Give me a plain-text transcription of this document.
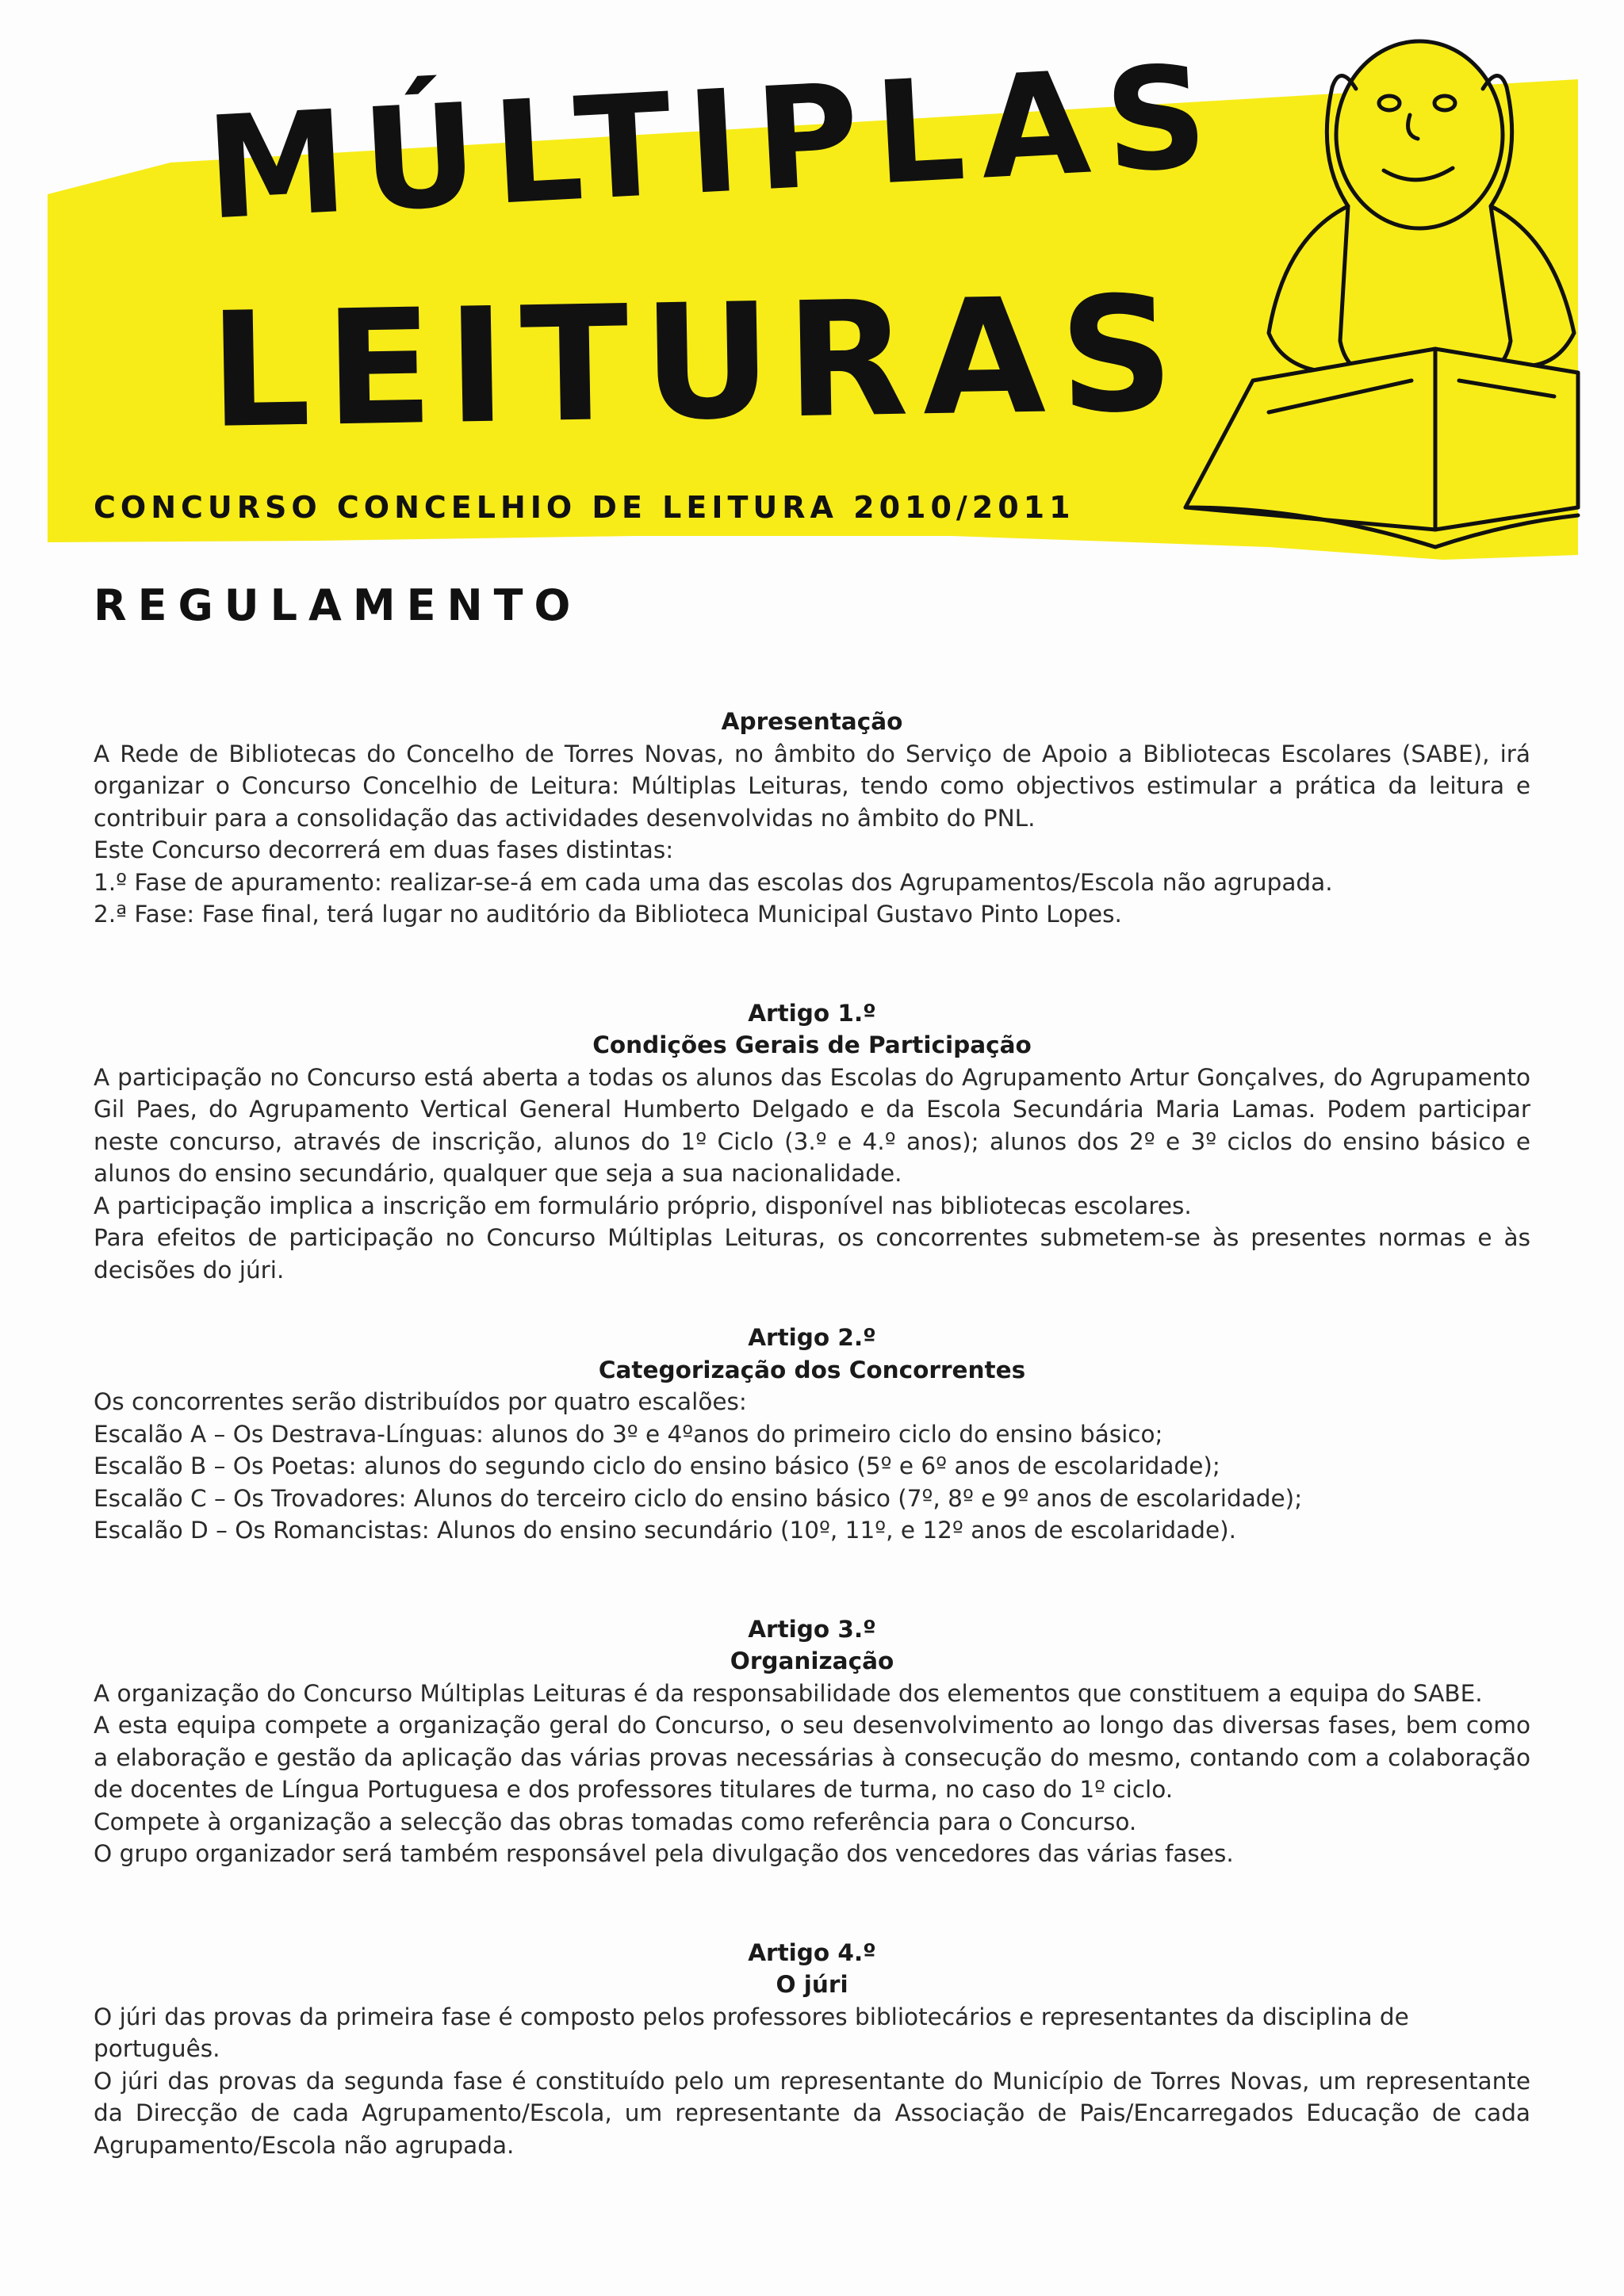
MÚLTIPLAS
LEITURAS
CONCURSO CONCELHIO DE LEITURA 2010/2011
REGULAMENTO
Apresentação

A Rede de Bibliotecas do Concelho de Torres Novas, no âmbito do Serviço de Apoio a Bibliotecas Escolares (SABE), irá organizar o Concurso Concelhio de Leitura: Múltiplas Leituras, tendo como objectivos estimular a prática da leitura e contribuir para a consolidação das actividades desenvolvidas no âmbito do PNL.

Este Concurso decorrerá em duas fases distintas:

1.º Fase de apuramento: realizar-se-á em cada uma das escolas dos Agrupamentos/Escola não agrupada.

2.ª Fase: Fase final, terá lugar no auditório da Biblioteca Municipal Gustavo Pinto Lopes.

Artigo 1.º
Condições Gerais de Participação

A participação no Concurso está aberta a todas os alunos das Escolas do Agrupamento Artur Gonçalves, do Agrupamento Gil Paes, do Agrupamento Vertical General Humberto Delgado e da Escola Secundária Maria Lamas. Podem participar neste concurso, através de inscrição, alunos do 1º Ciclo (3.º e 4.º anos); alunos dos 2º e 3º ciclos do ensino básico e alunos do ensino secundário, qualquer que seja a sua nacionalidade.

A participação implica a inscrição em formulário próprio, disponível nas bibliotecas escolares.

Para efeitos de participação no Concurso Múltiplas Leituras, os concorrentes submetem-se às presentes normas e às decisões do júri.

Artigo 2.º
Categorização dos Concorrentes

Os concorrentes serão distribuídos por quatro escalões:

Escalão A – Os Destrava-Línguas: alunos do 3º e 4ºanos do primeiro ciclo do ensino básico;

Escalão B – Os Poetas: alunos do segundo ciclo do ensino básico (5º e 6º anos de escolaridade);

Escalão C – Os Trovadores: Alunos do terceiro ciclo do ensino básico (7º, 8º e 9º anos de escolaridade);

Escalão D – Os Romancistas: Alunos do ensino secundário (10º, 11º, e 12º anos de escolaridade).

Artigo 3.º
Organização

A organização do Concurso Múltiplas Leituras é da responsabilidade dos elementos que constituem a equipa do SABE.

A esta equipa compete a organização geral do Concurso, o seu desenvolvimento ao longo das diversas fases, bem como a elaboração e gestão da aplicação das várias provas necessárias à consecução do mesmo, contando com a colaboração de docentes de Língua Portuguesa e dos professores titulares de turma, no caso do 1º ciclo.

Compete à organização a selecção das obras tomadas como referência para o Concurso.

O grupo organizador será também responsável pela divulgação dos vencedores das várias fases.

Artigo 4.º
O júri

O júri das provas da primeira fase é composto pelos professores bibliotecários e representantes da disciplina de português.

O júri das provas da segunda fase é constituído pelo um representante do Município de Torres Novas, um representante da Direcção de cada Agrupamento/Escola, um representante da Associação de Pais/Encarregados Educação de cada Agrupamento/Escola não agrupada.
